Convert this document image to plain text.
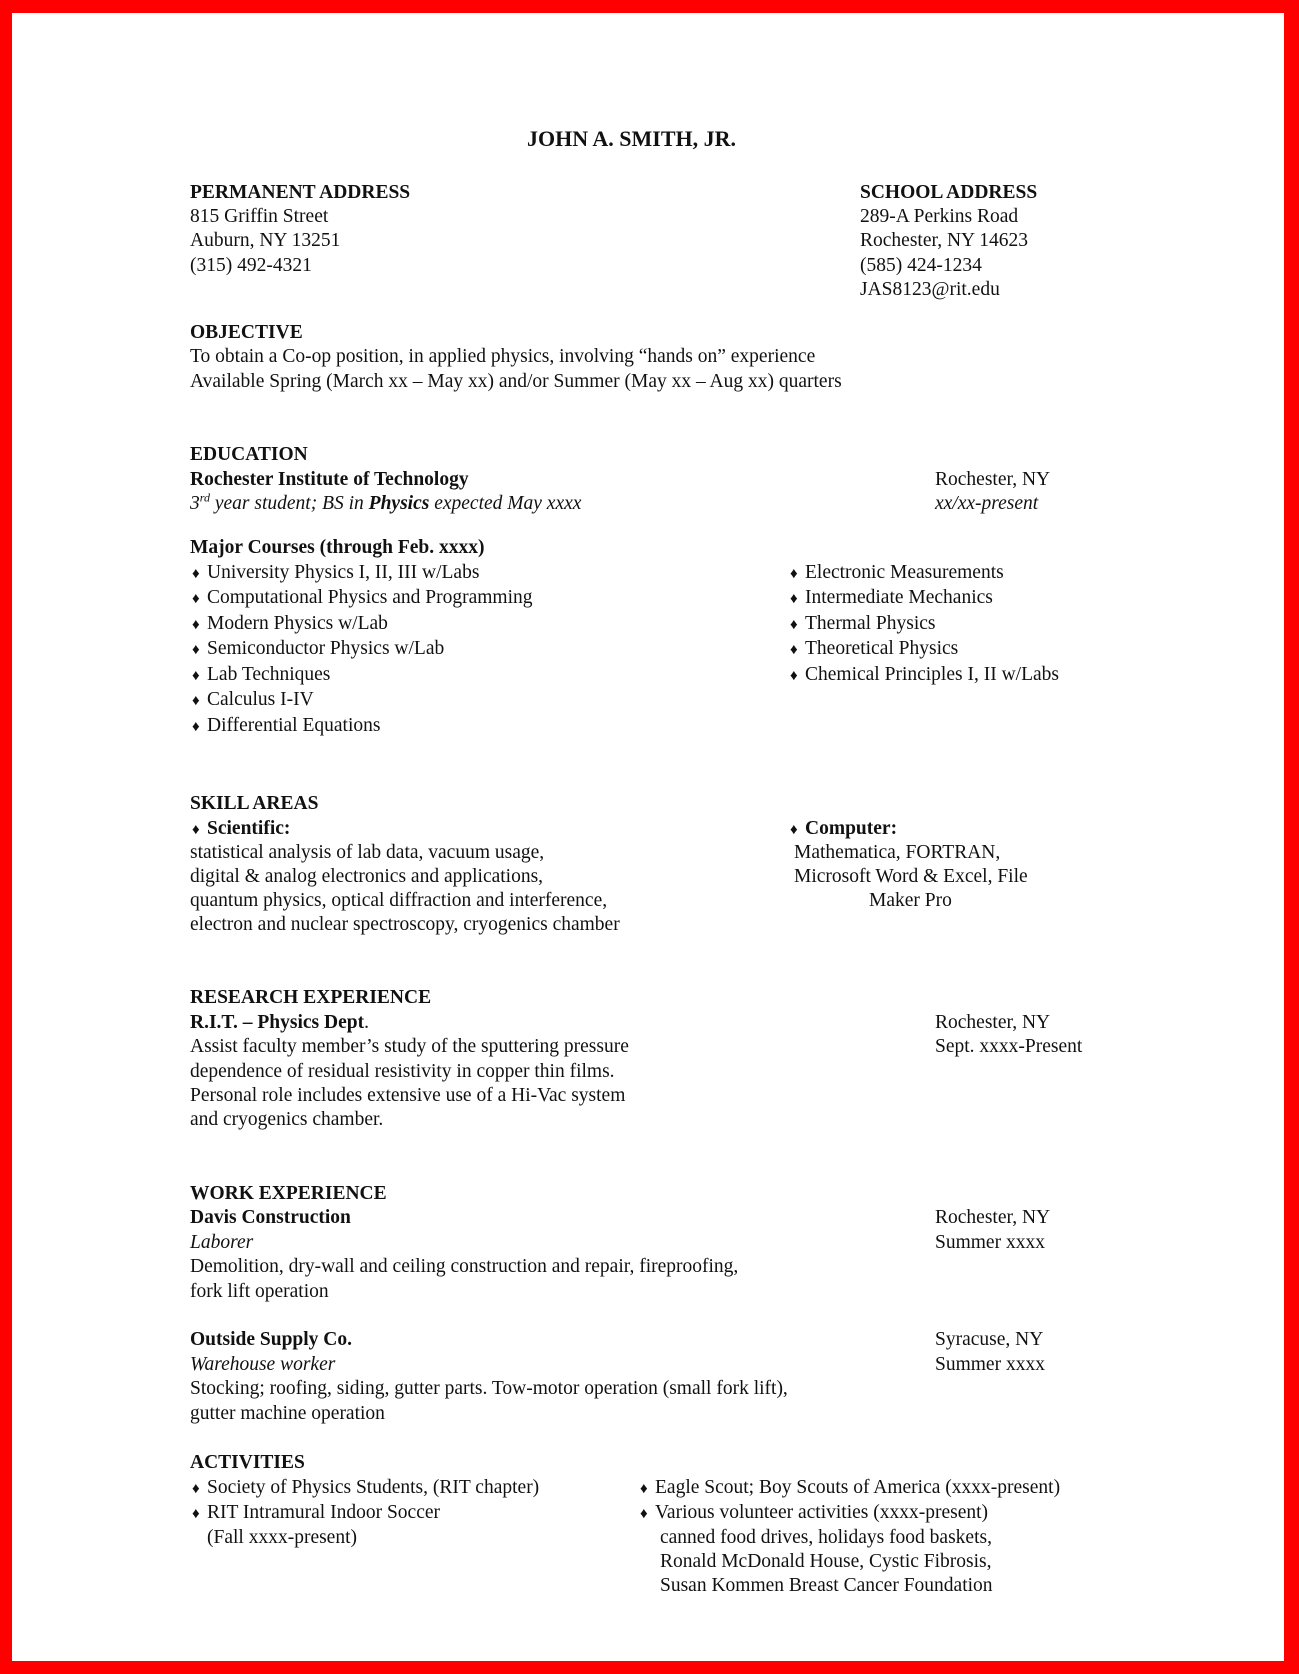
JOHN A. SMITH, JR.
PERMANENT ADDRESS
815 Griffin Street
Auburn, NY 13251
(315) 492-4321
SCHOOL ADDRESS
289-A Perkins Road
Rochester, NY 14623
(585) 424-1234
JAS8123@rit.edu
OBJECTIVE
To obtain a Co-op position, in applied physics, involving “hands on” experience
Available Spring (March xx – May xx) and/or Summer (May xx – Aug xx) quarters
EDUCATION
Rochester Institute of Technology	Rochester, NY
3rd year student; BS in Physics expected May xxxx	xx/xx-present
Major Courses (through Feb. xxxx)
♦ University Physics I, II, III w/Labs
♦ Computational Physics and Programming
♦ Modern Physics w/Lab
♦ Semiconductor Physics w/Lab
♦ Lab Techniques
♦ Calculus I-IV
♦ Differential Equations
♦ Electronic Measurements
♦ Intermediate Mechanics
♦ Thermal Physics
♦ Theoretical Physics
♦ Chemical Principles I, II w/Labs
SKILL AREAS
♦ Scientific:
statistical analysis of lab data, vacuum usage,
digital & analog electronics and applications,
quantum physics, optical diffraction and interference,
electron and nuclear spectroscopy, cryogenics chamber
♦ Computer:
Mathematica, FORTRAN,
Microsoft Word & Excel, File
Maker Pro
RESEARCH EXPERIENCE
R.I.T. – Physics Dept.	Rochester, NY
Sept. xxxx-Present
Assist faculty member’s study of the sputtering pressure
dependence of residual resistivity in copper thin films.
Personal role includes extensive use of a Hi-Vac system
and cryogenics chamber.
WORK EXPERIENCE
Davis Construction	Rochester, NY
Laborer	Summer xxxx
Demolition, dry-wall and ceiling construction and repair, fireproofing,
fork lift operation
Outside Supply Co.	Syracuse, NY
Warehouse worker	Summer xxxx
Stocking; roofing, siding, gutter parts. Tow-motor operation (small fork lift),
gutter machine operation
ACTIVITIES
♦ Society of Physics Students, (RIT chapter)
♦ RIT Intramural Indoor Soccer
(Fall xxxx-present)
♦ Eagle Scout; Boy Scouts of America (xxxx-present)
♦ Various volunteer activities (xxxx-present)
canned food drives, holidays food baskets,
Ronald McDonald House, Cystic Fibrosis,
Susan Kommen Breast Cancer Foundation
